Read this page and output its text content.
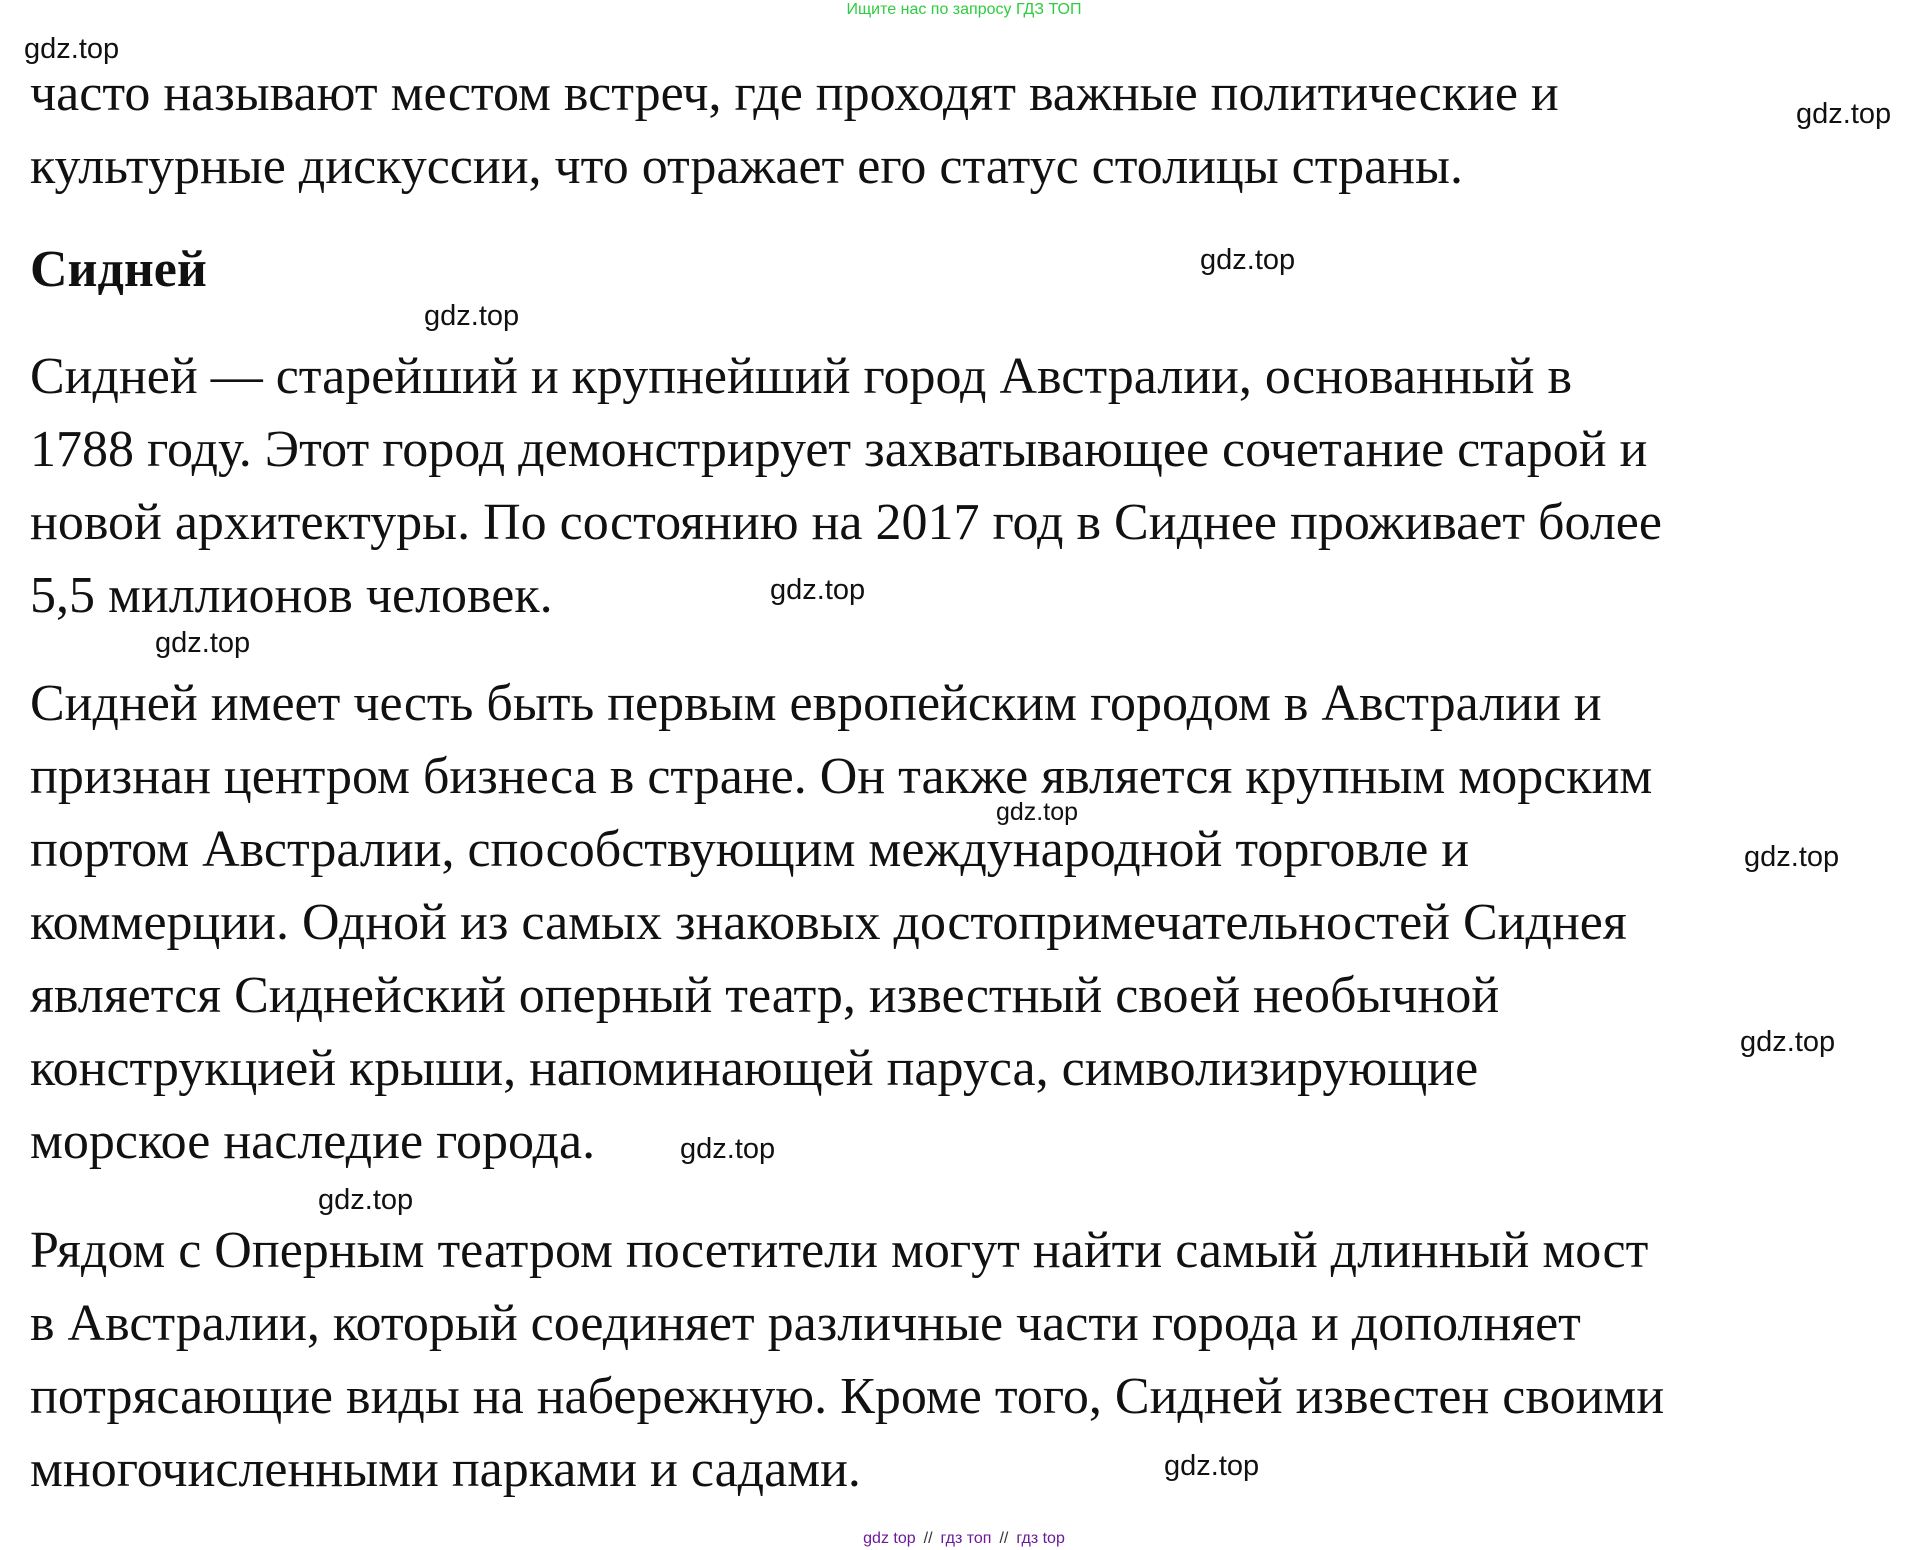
Ищите нас по запросу ГДЗ ТОП
часто называют местом встреч, где проходят важные политические и
культурные дискуссии, что отражает его статус столицы страны.
Сидней
Сидней — старейший и крупнейший город Австралии, основанный в
1788 году. Этот город демонстрирует захватывающее сочетание старой и
новой архитектуры. По состоянию на 2017 год в Сиднее проживает более
5,5 миллионов человек.
Сидней имеет честь быть первым европейским городом в Австралии и
признан центром бизнеса в стране. Он также является крупным морским
портом Австралии, способствующим международной торговле и
коммерции. Одной из самых знаковых достопримечательностей Сиднея
является Сиднейский оперный театр, известный своей необычной
конструкцией крыши, напоминающей паруса, символизирующие
морское наследие города.
Рядом с Оперным театром посетители могут найти самый длинный мост
в Австралии, который соединяет различные части города и дополняет
потрясающие виды на набережную. Кроме того, Сидней известен своими
многочисленными парками и садами.
gdz.top
gdz.top
gdz.top
gdz.top
gdz.top
gdz.top
gdz.top
gdz.top
gdz.top
gdz.top
gdz.top
gdz.top
gdz top // гдз топ // гдз top
